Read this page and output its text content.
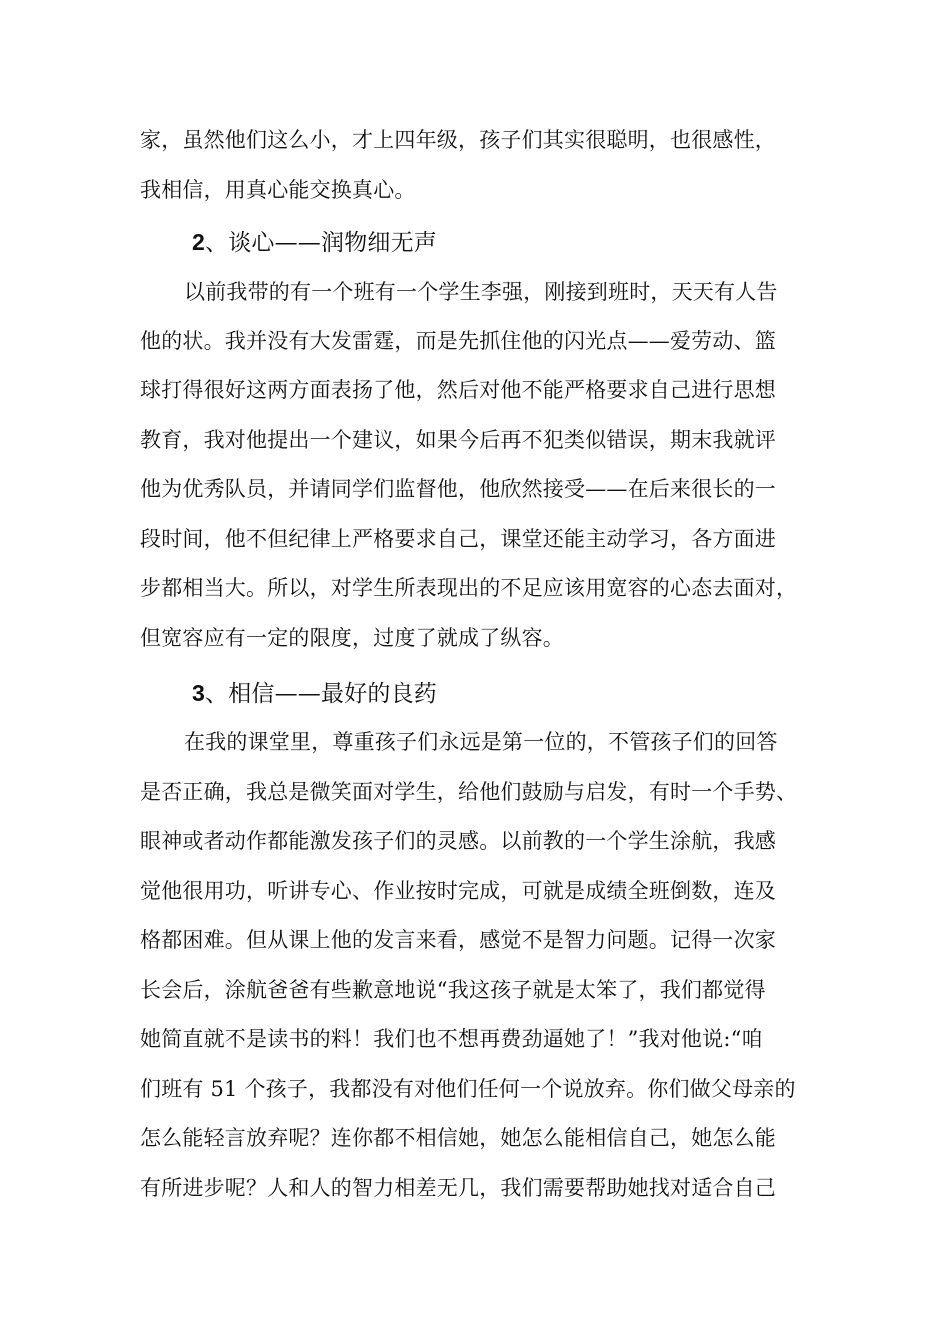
家，虽然他们这么小，才上四年级，孩子们其实很聪明，也很感性，
我相信，用真心能交换真心。
2、谈心——润物细无声
以前我带的有一个班有一个学生李强，刚接到班时，天天有人告
他的状。我并没有大发雷霆，而是先抓住他的闪光点——爱劳动、篮
球打得很好这两方面表扬了他，然后对他不能严格要求自己进行思想
教育，我对他提出一个建议，如果今后再不犯类似错误，期末我就评
他为优秀队员，并请同学们监督他，他欣然接受——在后来很长的一
段时间，他不但纪律上严格要求自己，课堂还能主动学习，各方面进
步都相当大。所以，对学生所表现出的不足应该用宽容的心态去面对，
但宽容应有一定的限度，过度了就成了纵容。
3、相信——最好的良药
在我的课堂里，尊重孩子们永远是第一位的，不管孩子们的回答
是否正确，我总是微笑面对学生，给他们鼓励与启发，有时一个手势、
眼神或者动作都能激发孩子们的灵感。以前教的一个学生涂航，我感
觉他很用功，听讲专心、作业按时完成，可就是成绩全班倒数，连及
格都困难。但从课上他的发言来看，感觉不是智力问题。记得一次家
长会后，涂航爸爸有些歉意地说“我这孩子就是太笨了，我们都觉得
她简直就不是读书的料！我们也不想再费劲逼她了！”我对他说:“咱
们班有 51 个孩子，我都没有对他们任何一个说放弃。你们做父母亲的
怎么能轻言放弃呢？连你都不相信她，她怎么能相信自己，她怎么能
有所进步呢？人和人的智力相差无几，我们需要帮助她找对适合自己
